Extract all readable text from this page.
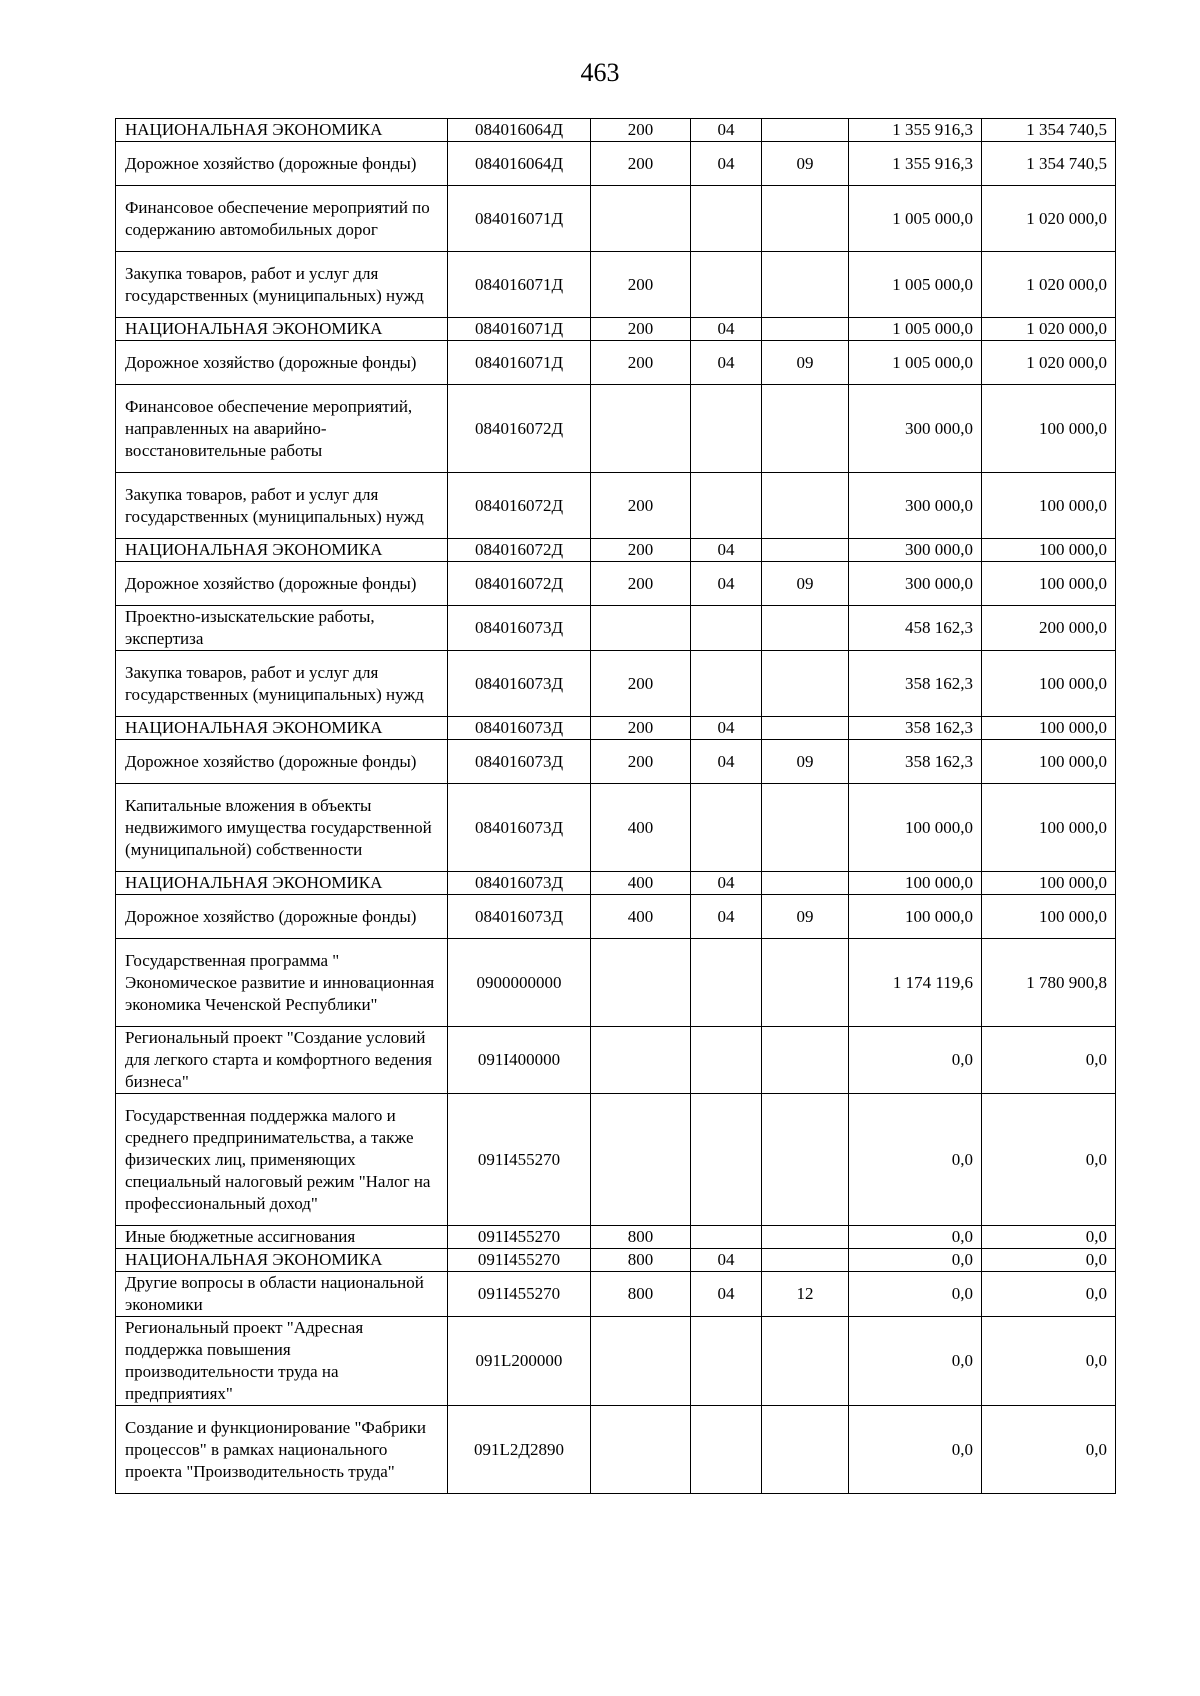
463
НАЦИОНАЛЬНАЯ ЭКОНОМИКА	084016064Д	200	04		1 355 916,3	1 354 740,5
Дорожное хозяйство (дорожные фонды)	084016064Д	200	04	09	1 355 916,3	1 354 740,5
Финансовое обеспечение мероприятий по содержанию автомобильных дорог	084016071Д				1 005 000,0	1 020 000,0
Закупка товаров, работ и услуг для государственных (муниципальных) нужд	084016071Д	200			1 005 000,0	1 020 000,0
НАЦИОНАЛЬНАЯ ЭКОНОМИКА	084016071Д	200	04		1 005 000,0	1 020 000,0
Дорожное хозяйство (дорожные фонды)	084016071Д	200	04	09	1 005 000,0	1 020 000,0
Финансовое обеспечение мероприятий, направленных на аварийно-восстановительные работы	084016072Д				300 000,0	100 000,0
Закупка товаров, работ и услуг для государственных (муниципальных) нужд	084016072Д	200			300 000,0	100 000,0
НАЦИОНАЛЬНАЯ ЭКОНОМИКА	084016072Д	200	04		300 000,0	100 000,0
Дорожное хозяйство (дорожные фонды)	084016072Д	200	04	09	300 000,0	100 000,0
Проектно-изыскательские работы, экспертиза	084016073Д				458 162,3	200 000,0
Закупка товаров, работ и услуг для государственных (муниципальных) нужд	084016073Д	200			358 162,3	100 000,0
НАЦИОНАЛЬНАЯ ЭКОНОМИКА	084016073Д	200	04		358 162,3	100 000,0
Дорожное хозяйство (дорожные фонды)	084016073Д	200	04	09	358 162,3	100 000,0
Капитальные вложения в объекты недвижимого имущества государственной (муниципальной) собственности	084016073Д	400			100 000,0	100 000,0
НАЦИОНАЛЬНАЯ ЭКОНОМИКА	084016073Д	400	04		100 000,0	100 000,0
Дорожное хозяйство (дорожные фонды)	084016073Д	400	04	09	100 000,0	100 000,0
Государственная программа " Экономическое развитие и инновационная экономика Чеченской Республики"	0900000000				1 174 119,6	1 780 900,8
Региональный проект "Создание условий для легкого старта и комфортного ведения бизнеса"	091I400000				0,0	0,0
Государственная поддержка малого и среднего предпринимательства, а также физических лиц, применяющих специальный налоговый режим "Налог на профессиональный доход"	091I455270				0,0	0,0
Иные бюджетные ассигнования	091I455270	800			0,0	0,0
НАЦИОНАЛЬНАЯ ЭКОНОМИКА	091I455270	800	04		0,0	0,0
Другие вопросы в области национальной экономики	091I455270	800	04	12	0,0	0,0
Региональный проект "Адресная поддержка повышения производительности труда на предприятиях"	091L200000				0,0	0,0
Создание и функционирование "Фабрики процессов" в рамках национального проекта "Производительность труда"	091L2Д2890				0,0	0,0
